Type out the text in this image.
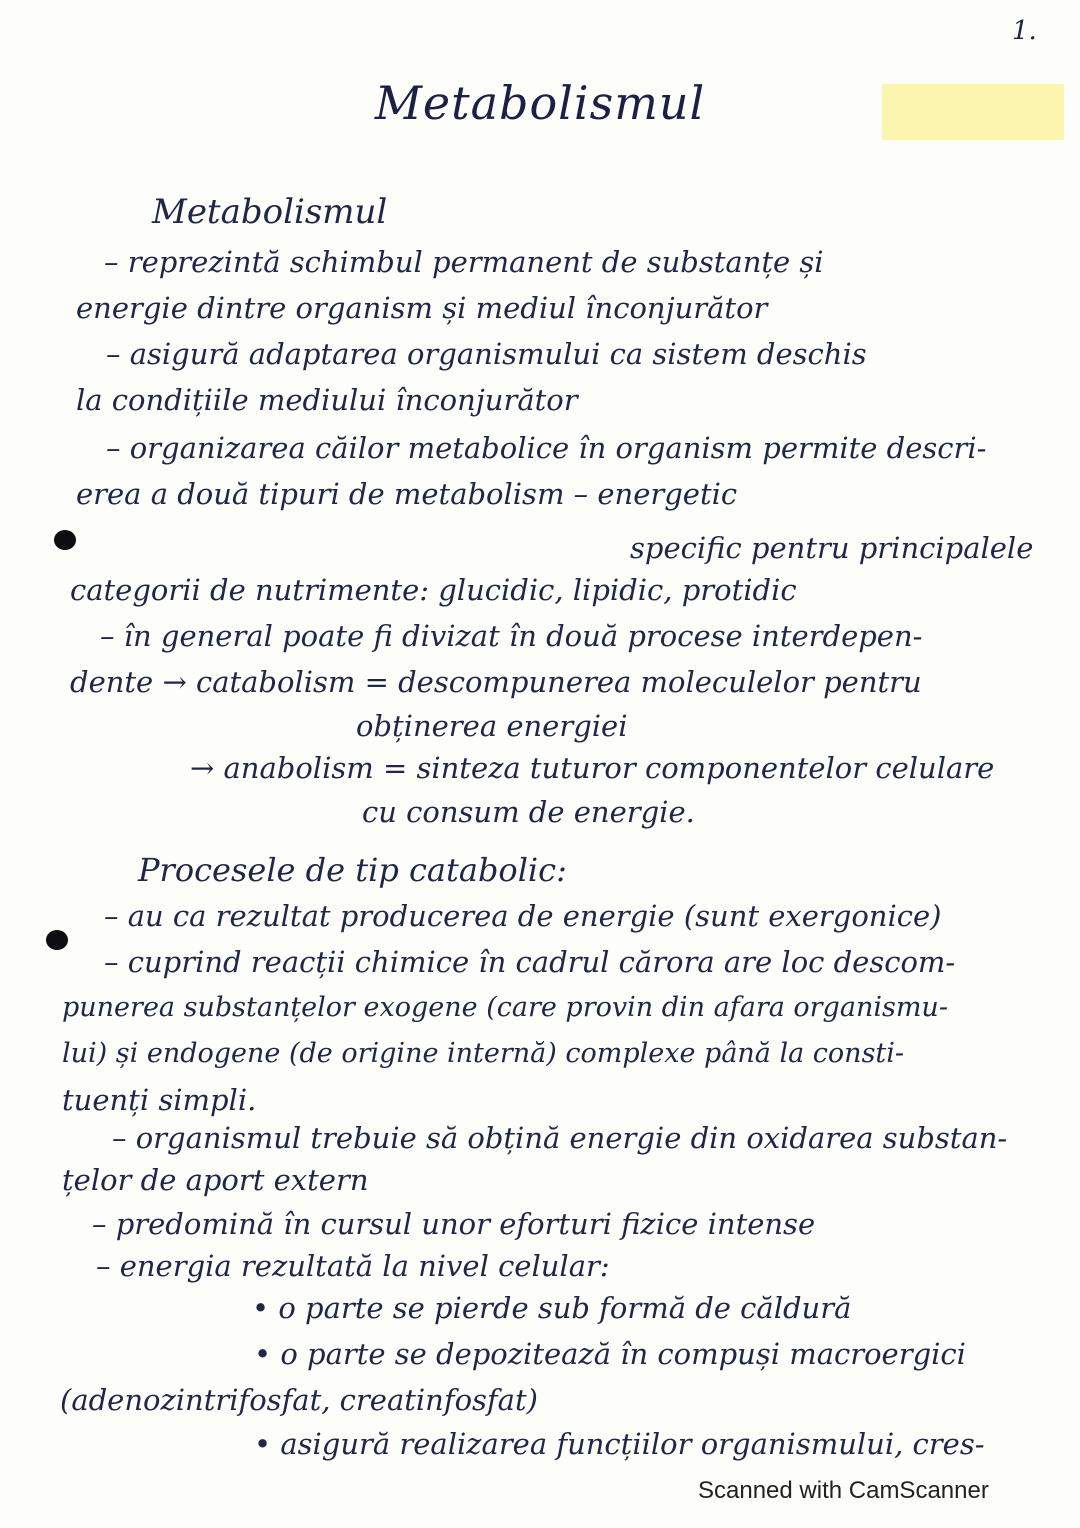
1.
Metabolismul
Metabolismul
– reprezintă schimbul permanent de substanțe și
energie dintre organism și mediul înconjurător
– asigură adaptarea organismului ca sistem deschis
la condițiile mediului înconjurător
– organizarea căilor metabolice în organism permite descri-
erea a două tipuri de metabolism – energetic
specific pentru principalele
categorii de nutrimente: glucidic, lipidic, protidic
– în general poate fi divizat în două procese interdepen-
dente → catabolism = descompunerea moleculelor pentru
obținerea energiei
→ anabolism = sinteza tuturor componentelor celulare
cu consum de energie.
Procesele de tip catabolic:
– au ca rezultat producerea de energie (sunt exergonice)
– cuprind reacții chimice în cadrul cărora are loc descom-
punerea substanțelor exogene (care provin din afara organismu-
lui) și endogene (de origine internă) complexe până la consti-
tuenți simpli.
– organismul trebuie să obțină energie din oxidarea substan-
țelor de aport extern
– predomină în cursul unor eforturi fizice intense
– energia rezultată la nivel celular:
• o parte se pierde sub formă de căldură
• o parte se depozitează în compuși macroergici
(adenozintrifosfat, creatinfosfat)
• asigură realizarea funcțiilor organismului, cres-
Scanned with CamScanner
